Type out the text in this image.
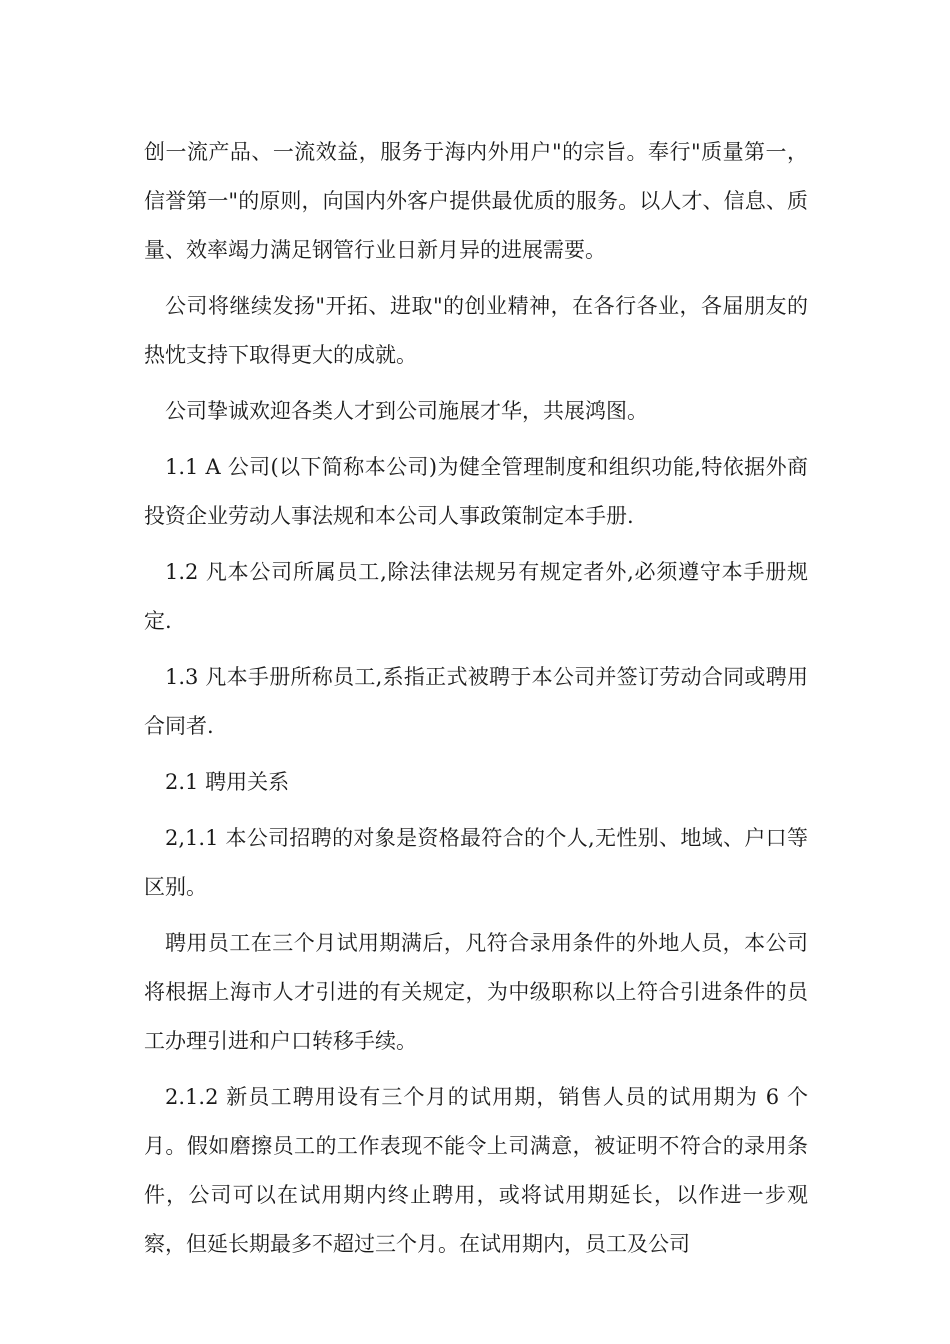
创一流产品、一流效益，服务于海内外用户"的宗旨。奉行"质量第一，信誉第一"的原则，向国内外客户提供最优质的服务。以人才、信息、质量、效率竭力满足钢管行业日新月异的进展需要。

公司将继续发扬"开拓、进取"的创业精神，在各行各业，各届朋友的热忱支持下取得更大的成就。

公司挚诚欢迎各类人才到公司施展才华，共展鸿图。

1.1 A 公司(以下简称本公司)为健全管理制度和组织功能,特依据外商投资企业劳动人事法规和本公司人事政策制定本手册.

1.2 凡本公司所属员工,除法律法规另有规定者外,必须遵守本手册规定.

1.3 凡本手册所称员工,系指正式被聘于本公司并签订劳动合同或聘用合同者.

2.1 聘用关系

2,1.1 本公司招聘的对象是资格最符合的个人,无性别、地域、户口等区别。

聘用员工在三个月试用期满后，凡符合录用条件的外地人员，本公司将根据上海市人才引进的有关规定，为中级职称以上符合引进条件的员工办理引进和户口转移手续。

2.1.2 新员工聘用设有三个月的试用期，销售人员的试用期为 6 个月。假如磨擦员工的工作表现不能令上司满意，被证明不符合的录用条件，公司可以在试用期内终止聘用，或将试用期延长，以作进一步观察，但延长期最多不超过三个月。在试用期内，员工及公司
